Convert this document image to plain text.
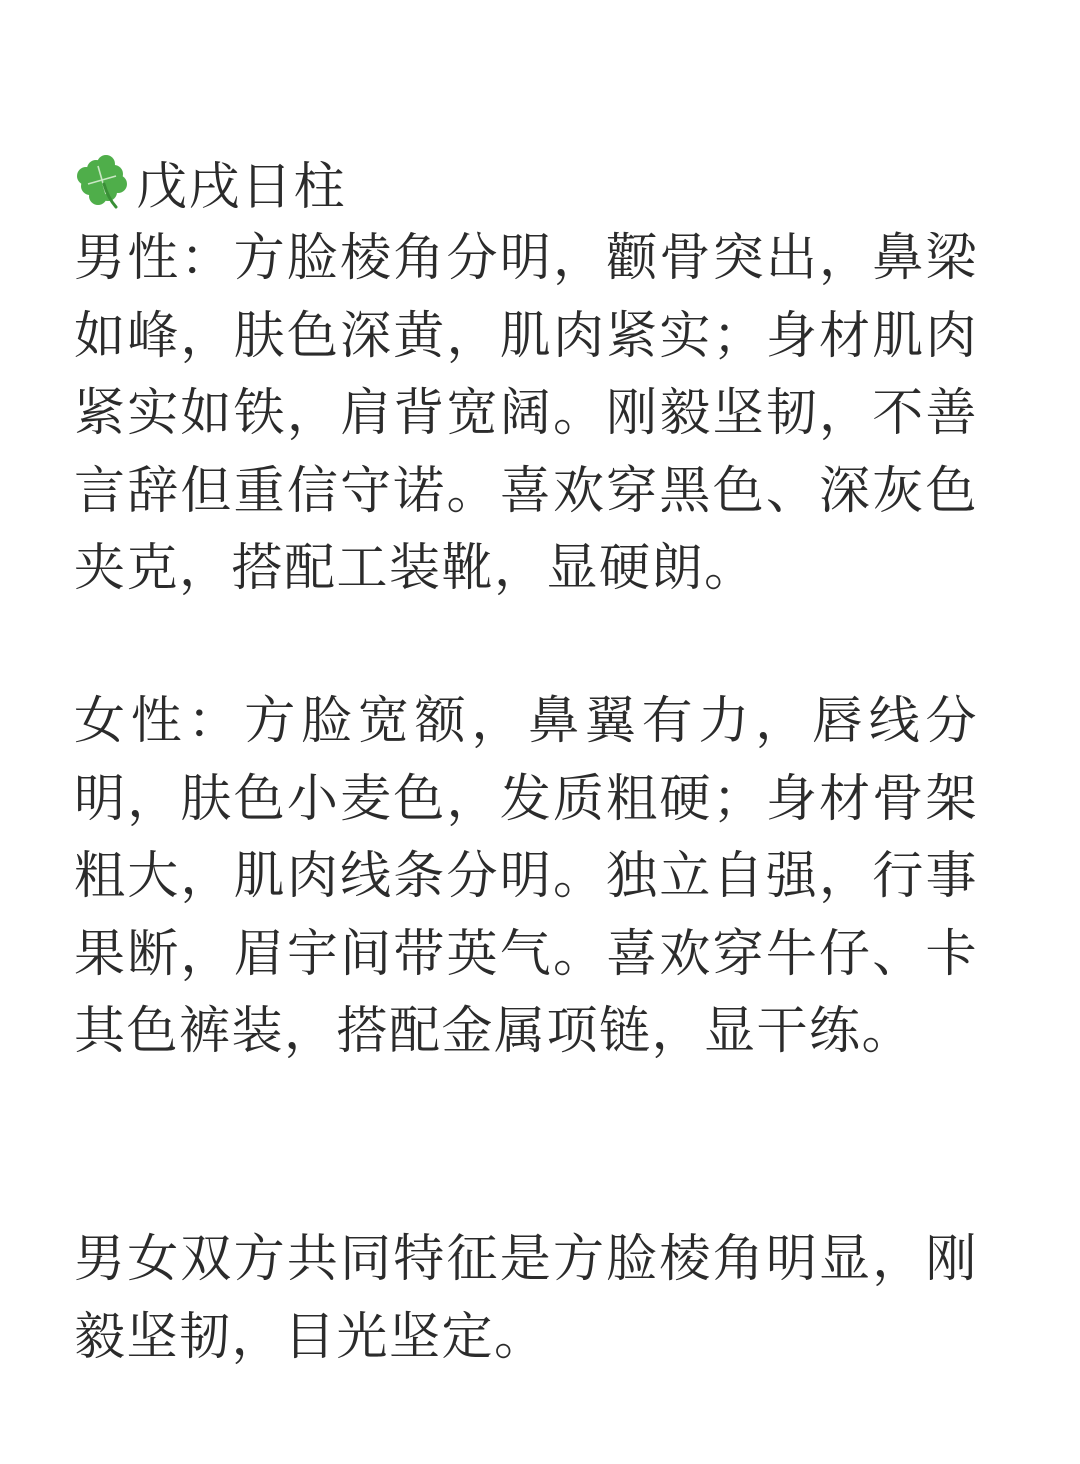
戊戌日柱

男性：方脸棱角分明，颧骨突出，鼻梁如峰，肤色深黄，肌肉紧实；身材肌肉紧实如铁，肩背宽阔。刚毅坚韧，不善言辞但重信守诺。喜欢穿黑色、深灰色夹克，搭配工装靴，显硬朗。

女性：方脸宽额，鼻翼有力，唇线分明，肤色小麦色，发质粗硬；身材骨架粗大，肌肉线条分明。独立自强，行事果断，眉宇间带英气。喜欢穿牛仔、卡其色裤装，搭配金属项链，显干练。

男女双方共同特征是方脸棱角明显，刚毅坚韧，目光坚定。
